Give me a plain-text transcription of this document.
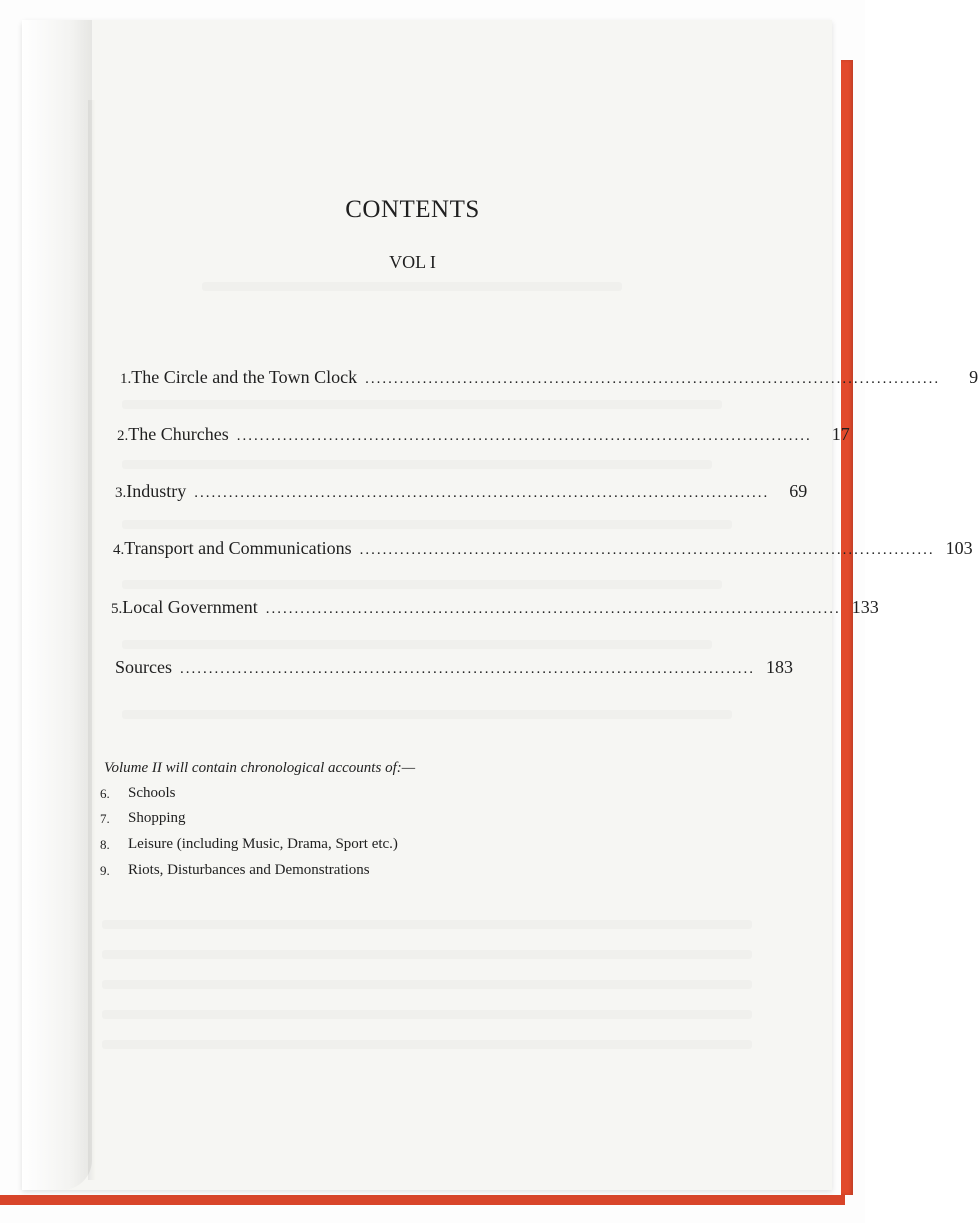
CONTENTS
VOL I
1. The Circle and the Town Clock ....................................................................................................	9
2. The Churches ....................................................................................................	17
3. Industry ....................................................................................................	69
4. Transport and Communications .................................................................................................... 103
5. Local Government .................................................................................................... 133
Sources .................................................................................................... 183
Volume II will contain chronological accounts of:—
6.	Schools
7.	Shopping
8.	Leisure (including Music, Drama, Sport etc.)
9.	Riots, Disturbances and Demonstrations
